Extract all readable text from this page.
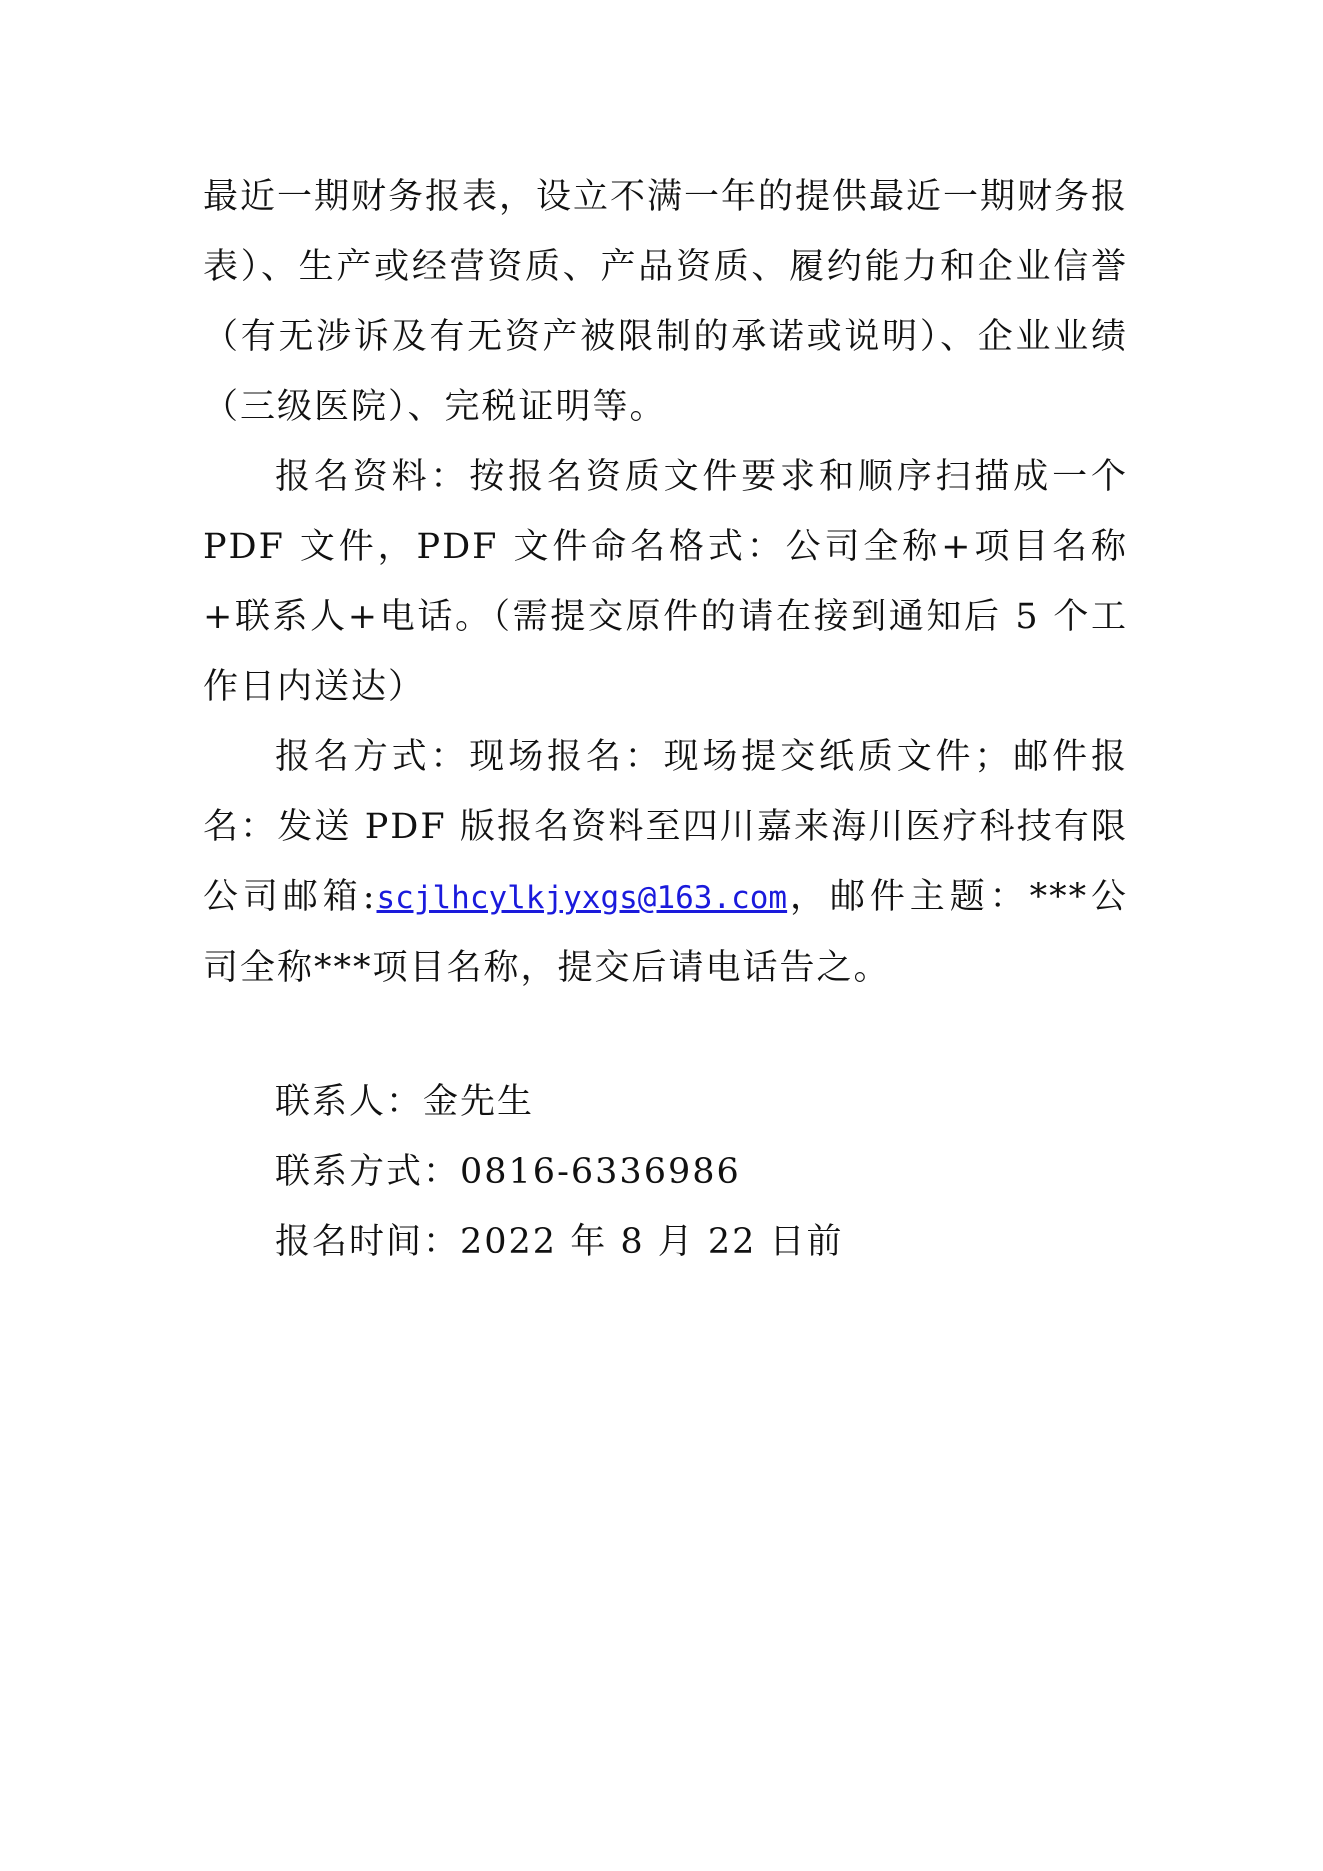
最近一期财务报表，设立不满一年的提供最近一期财务报表）、生产或经营资质、产品资质、履约能力和企业信誉（有无涉诉及有无资产被限制的承诺或说明）、企业业绩（三级医院）、完税证明等。

报名资料：按报名资质文件要求和顺序扫描成一个 PDF 文件，PDF 文件命名格式：公司全称+项目名称 +联系人+电话。（需提交原件的请在接到通知后 5 个工作日内送达）

报名方式：现场报名：现场提交纸质文件；邮件报名：发送 PDF 版报名资料至四川嘉来海川医疗科技有限公司邮箱:scjlhcylkjyxgs@163.com，邮件主题：***公司全称***项目名称，提交后请电话告之。

联系人：金先生

联系方式：0816-6336986

报名时间：2022 年 8 月 22 日前
